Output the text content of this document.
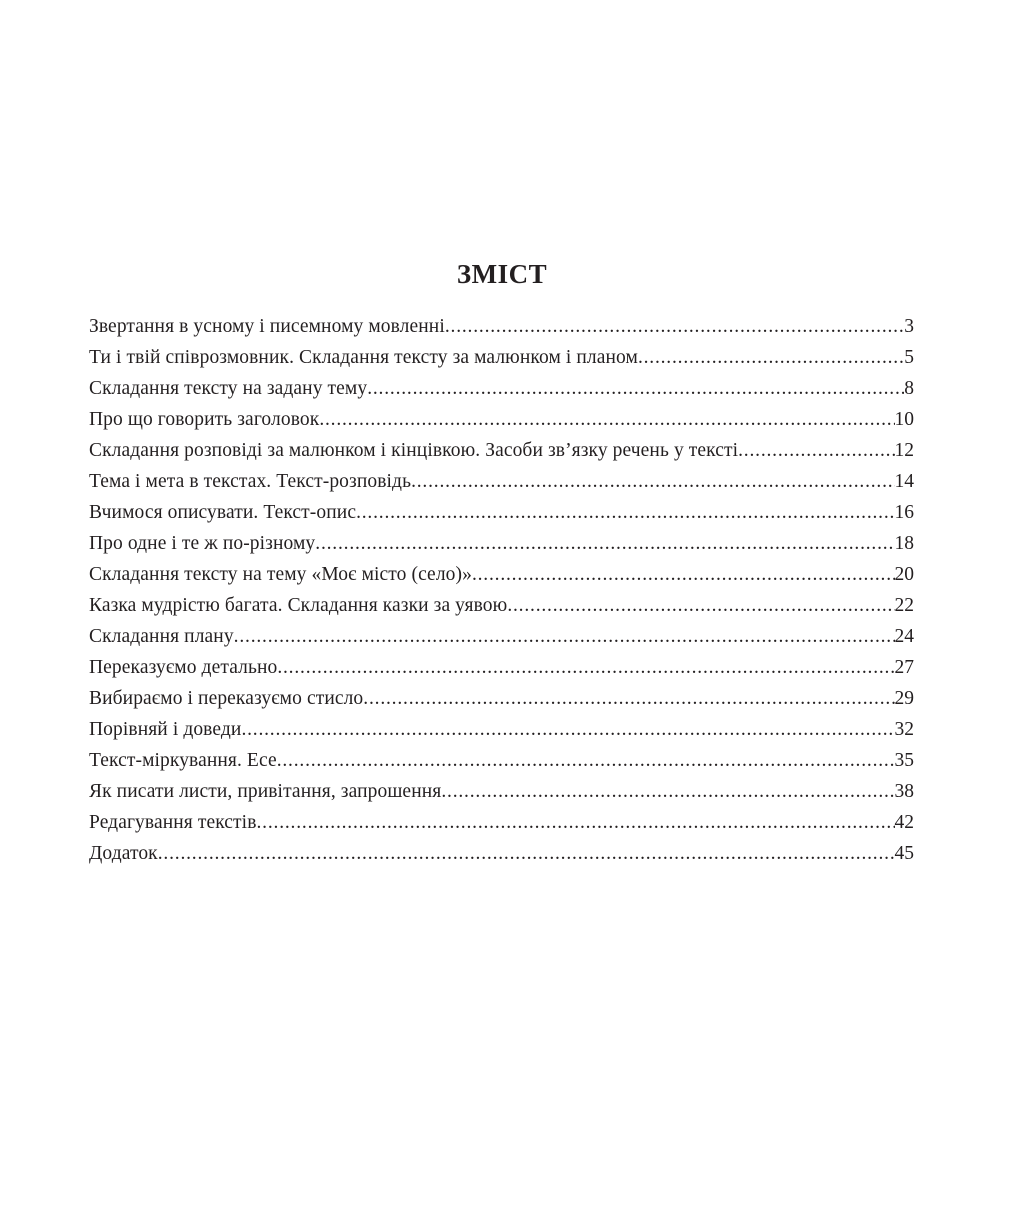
ЗМІСТ
Звертання в усному і писемному мовленні .....	3
Ти і твій співрозмовник. Складання тексту за малюнком і планом .....	5
Складання тексту на задану тему .....	8
Про що говорить заголовок .....	10
Складання розповіді за малюнком і кінцівкою. Засоби зв’язку речень у тексті .....	12
Тема і мета в текстах. Текст-розповідь .....	14
Вчимося описувати. Текст-опис .....	16
Про одне і те ж по-різному .....	18
Складання тексту на тему «Моє місто (село)» .....	20
Казка мудрістю багата. Складання казки за уявою .....	22
Складання плану .....	24
Переказуємо детально .....	27
Вибираємо і переказуємо стисло .....	29
Порівняй і доведи .....	32
Текст-міркування. Есе .....	35
Як писати листи, привітання, запрошення .....	38
Редагування текстів .....	42
Додаток .....	45
